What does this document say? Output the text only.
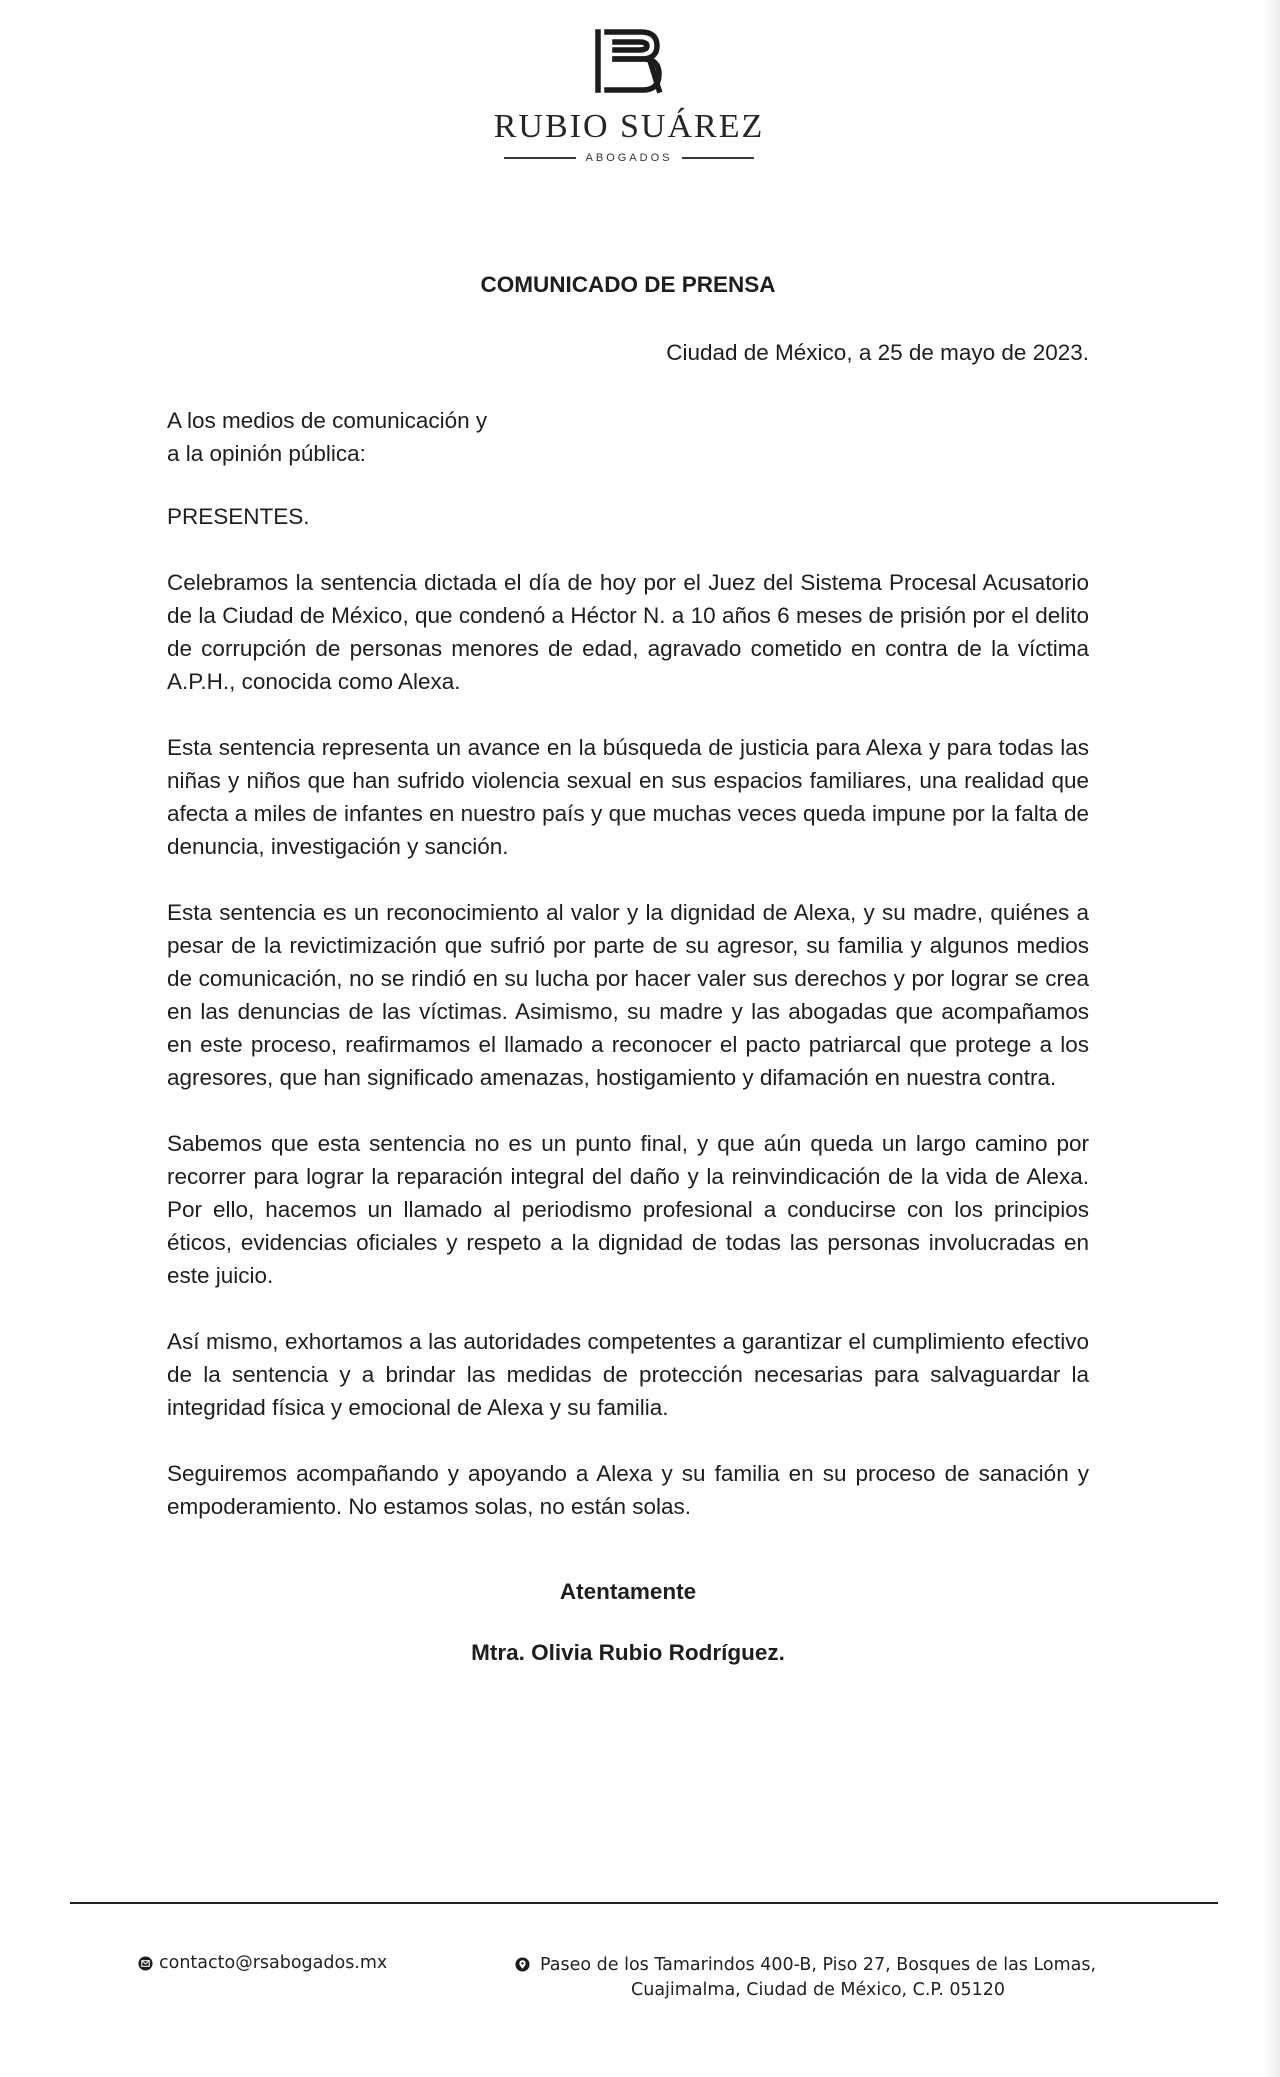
RUBIO SUÁREZ
ABOGADOS

COMUNICADO DE PRENSA

Ciudad de México, a 25 de mayo de 2023.

A los medios de comunicación y
a la opinión pública:

PRESENTES.

Celebramos la sentencia dictada el día de hoy por el Juez del Sistema Procesal Acusatorio de la Ciudad de México, que condenó a Héctor N. a 10 años 6 meses de prisión por el delito de corrupción de personas menores de edad, agravado cometido en contra de la víctima A.P.H., conocida como Alexa.

Esta sentencia representa un avance en la búsqueda de justicia para Alexa y para todas las niñas y niños que han sufrido violencia sexual en sus espacios familiares, una realidad que afecta a miles de infantes en nuestro país y que muchas veces queda impune por la falta de denuncia, investigación y sanción.

Esta sentencia es un reconocimiento al valor y la dignidad de Alexa, y su madre, quiénes a pesar de la revictimización que sufrió por parte de su agresor, su familia y algunos medios de comunicación, no se rindió en su lucha por hacer valer sus derechos y por lograr se crea en las denuncias de las víctimas. Asimismo, su madre y las abogadas que acompañamos en este proceso, reafirmamos el llamado a reconocer el pacto patriarcal que protege a los agresores, que han significado amenazas, hostigamiento y difamación en nuestra contra.

Sabemos que esta sentencia no es un punto final, y que aún queda un largo camino por recorrer para lograr la reparación integral del daño y la reinvindicación de la vida de Alexa. Por ello, hacemos un llamado al periodismo profesional a conducirse con los principios éticos, evidencias oficiales y respeto a la dignidad de todas las personas involucradas en este juicio.

Así mismo, exhortamos a las autoridades competentes a garantizar el cumplimiento efectivo de la sentencia y a brindar las medidas de protección necesarias para salvaguardar la integridad física y emocional de Alexa y su familia.

Seguiremos acompañando y apoyando a Alexa y su familia en su proceso de sanación y empoderamiento. No estamos solas, no están solas.

Atentamente

Mtra. Olivia Rubio Rodríguez.

contacto@rsabogados.mx	Paseo de los Tamarindos 400-B, Piso 27, Bosques de las Lomas,
Cuajimalma, Ciudad de México, C.P. 05120
